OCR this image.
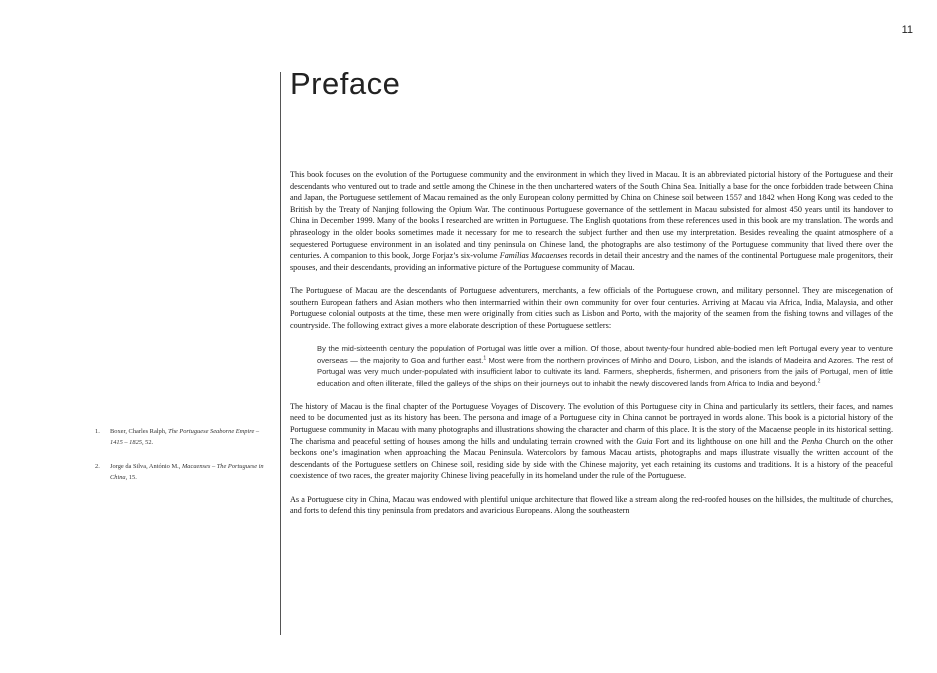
11
Preface

This book focuses on the evolution of the Portuguese community and the environment in which they lived in Macau. It is an abbreviated pictorial history of the Portuguese and their descendants who ventured out to trade and settle among the Chinese in the then unchartered waters of the South China Sea. Initially a base for the once forbidden trade between China and Japan, the Portuguese settlement of Macau remained as the only European colony permitted by China on Chinese soil between 1557 and 1842 when Hong Kong was ceded to the British by the Treaty of Nanjing following the Opium War. The continuous Portuguese governance of the settlement in Macau subsisted for almost 450 years until its handover to China in December 1999. Many of the books I researched are written in Portuguese. The English quotations from these references used in this book are my translation. The words and phraseology in the older books sometimes made it necessary for me to research the subject further and then use my interpretation. Besides revealing the quaint atmosphere of a sequestered Portuguese environment in an isolated and tiny peninsula on Chinese land, the photographs are also testimony of the Portuguese community that lived there over the centuries. A companion to this book, Jorge Forjaz’s six-volume Famílias Macaenses records in detail their ancestry and the names of the continental Portuguese male progenitors, their spouses, and their descendants, providing an informative picture of the Portuguese community of Macau.

The Portuguese of Macau are the descendants of Portuguese adventurers, merchants, a few officials of the Portuguese crown, and military personnel. They are miscegenation of southern European fathers and Asian mothers who then intermarried within their own community for over four centuries. Arriving at Macau via Africa, India, Malaysia, and other Portuguese colonial outposts at the time, these men were originally from cities such as Lisbon and Porto, with the majority of the seamen from the fishing towns and villages of the countryside. The following extract gives a more elaborate description of these Portuguese settlers:

By the mid-sixteenth century the population of Portugal was little over a million. Of those, about twenty-four hundred able-bodied men left Portugal every year to venture overseas — the majority to Goa and further east.$^1$ Most were from the northern provinces of Minho and Douro, Lisbon, and the islands of Madeira and Azores. The rest of Portugal was very much under-populated with insufficient labor to cultivate its land. Farmers, shepherds, fishermen, and prisoners from the jails of Portugal, men of little education and often illiterate, filled the galleys of the ships on their journeys out to inhabit the newly discovered lands from Africa to India and beyond.$^2$

The history of Macau is the final chapter of the Portuguese Voyages of Discovery. The evolution of this Portuguese city in China and particularly its settlers, their faces, and names need to be documented just as its history has been. The persona and image of a Portuguese city in China cannot be portrayed in words alone. This book is a pictorial history of the Portuguese community in Macau with many photographs and illustrations showing the character and charm of this place. It is the story of the Macaense people in its historical setting. The charisma and peaceful setting of houses among the hills and undulating terrain crowned with the Guia Fort and its lighthouse on one hill and the Penha Church on the other beckons one’s imagination when approaching the Macau Peninsula. Watercolors by famous Macau artists, photographs and maps illustrate visually the written account of the descendants of the Portuguese settlers on Chinese soil, residing side by side with the Chinese majority, yet each retaining its customs and traditions. It is a history of the peaceful coexistence of two races, the greater majority Chinese living peacefully in its homeland under the rule of the Portuguese.

As a Portuguese city in China, Macau was endowed with plentiful unique architecture that flowed like a stream along the red-roofed houses on the hillsides, the multitude of churches, and forts to defend this tiny peninsula from predators and avaricious Europeans. Along the southeastern

1.	Boxer, Charles Ralph, The Portuguese Seaborne Empire – 1415 – 1825, 52.
2.	Jorge da Silva, António M., Macaenses – The Portuguese in China, 15.
